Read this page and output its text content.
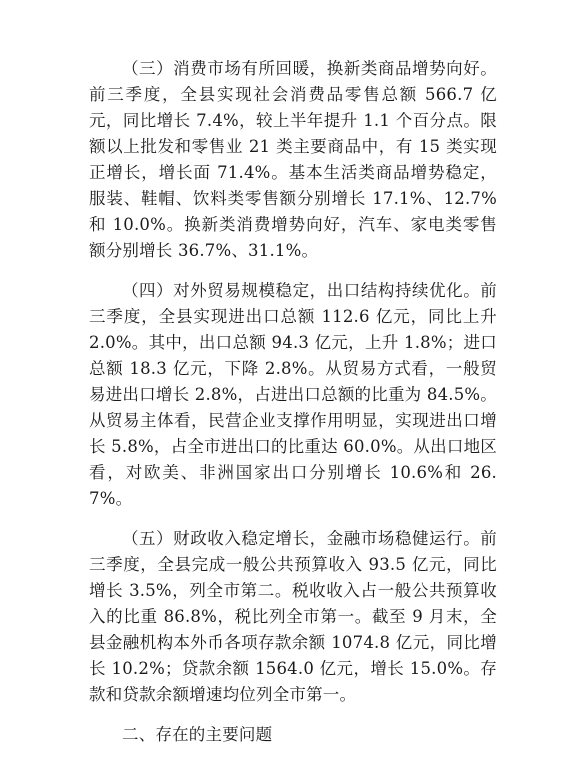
（三）消费市场有所回暖，换新类商品增势向好。前三季度，全县实现社会消费品零售总额 566.7 亿元，同比增长 7.4%，较上半年提升 1.1 个百分点。限额以上批发和零售业 21 类主要商品中，有 15 类实现正增长，增长面 71.4%。基本生活类商品增势稳定，服装、鞋帽、饮料类零售额分别增长 17.1%、12.7%和 10.0%。换新类消费增势向好，汽车、家电类零售额分别增长 36.7%、31.1%。

（四）对外贸易规模稳定，出口结构持续优化。前三季度，全县实现进出口总额 112.6 亿元，同比上升 2.0%。其中，出口总额 94.3 亿元，上升 1.8%；进口总额 18.3 亿元，下降 2.8%。从贸易方式看，一般贸易进出口增长 2.8%，占进出口总额的比重为 84.5%。从贸易主体看，民营企业支撑作用明显，实现进出口增长 5.8%，占全市进出口的比重达 60.0%。从出口地区看，对欧美、非洲国家出口分别增长 10.6%和 26.7%。

（五）财政收入稳定增长，金融市场稳健运行。前三季度，全县完成一般公共预算收入 93.5 亿元，同比增长 3.5%，列全市第二。税收收入占一般公共预算收入的比重 86.8%，税比列全市第一。截至 9 月末，全县金融机构本外币各项存款余额 1074.8 亿元，同比增长 10.2%；贷款余额 1564.0 亿元，增长 15.0%。存款和贷款余额增速均位列全市第一。

二、存在的主要问题
